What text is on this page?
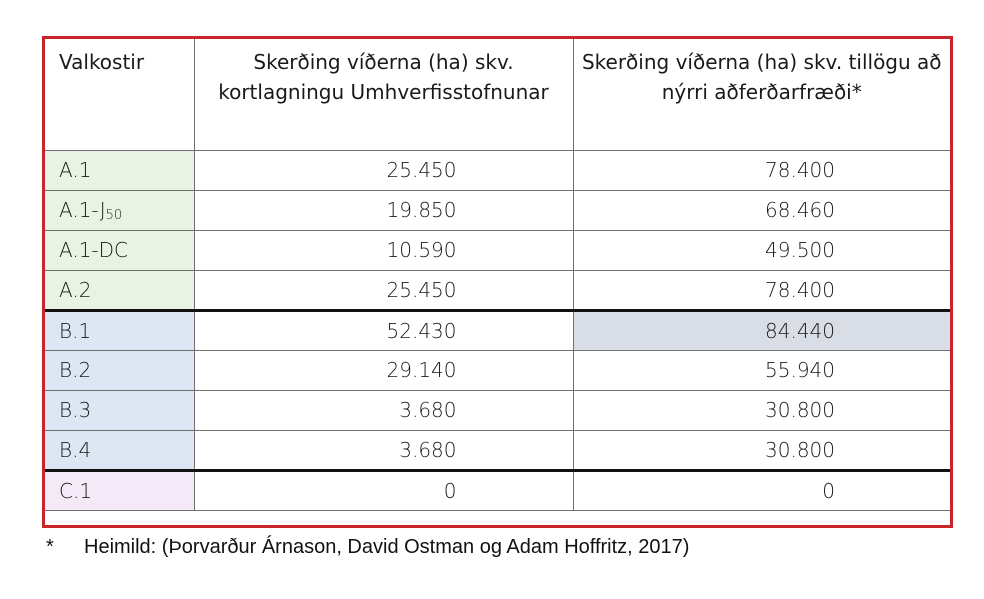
Valkostir	Skerðing víðerna (ha) skv. kortlagningu Umhverfisstofnunar	Skerðing víðerna (ha) skv. tillögu að nýrri aðferðarfræði*
A.1	25.450	78.400
A.1-J50	19.850	68.460
A.1-DC	10.590	49.500
A.2	25.450	78.400
B.1	52.430	84.440
B.2	29.140	55.940
B.3	3.680	30.800
B.4	3.680	30.800
C.1	0	0
* Heimild: (Þorvarður Árnason, David Ostman og Adam Hoffritz, 2017)
